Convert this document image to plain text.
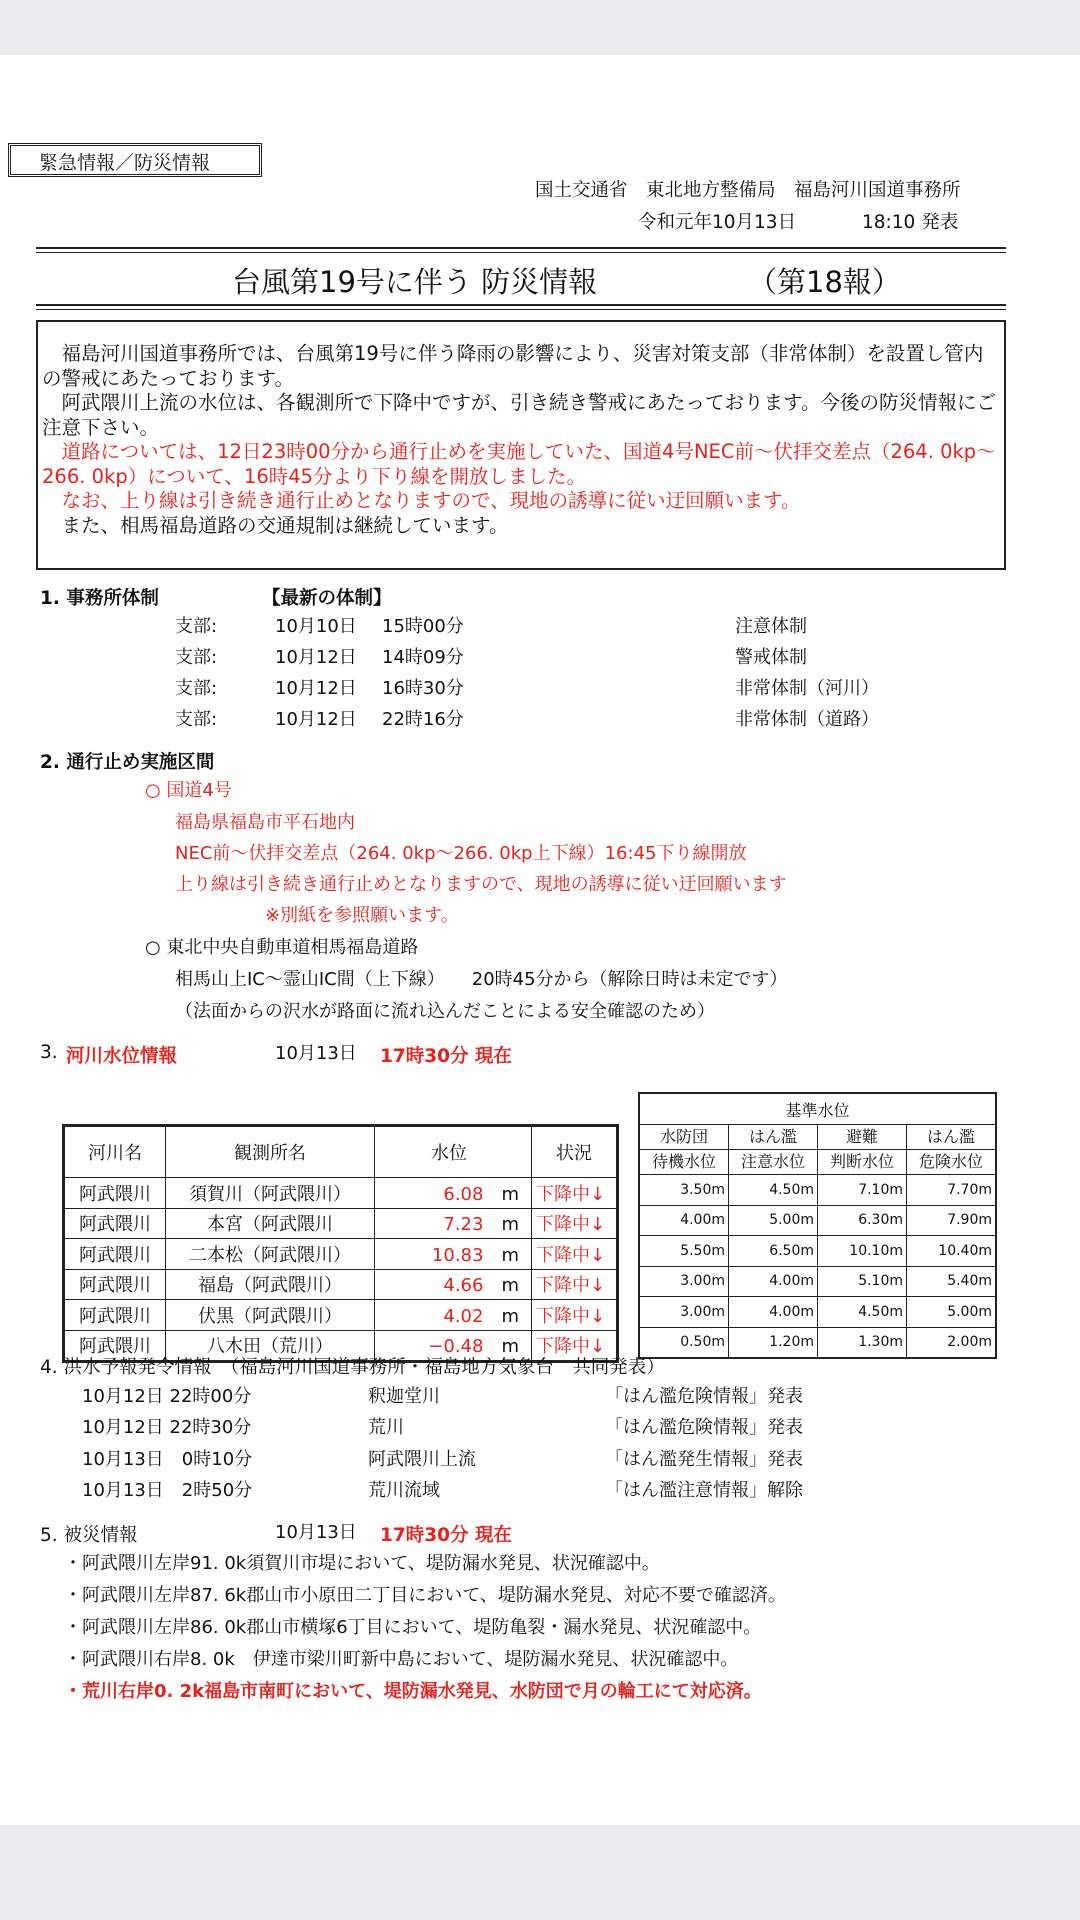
緊急情報／防災情報
国土交通省　東北地方整備局　福島河川国道事務所
令和元年10月13日	18:10 発表
台風第19号に伴う 防災情報	（第18報）

　福島河川国道事務所では、台風第19号に伴う降雨の影響により、災害対策支部（非常体制）を設置し管内の警戒にあたっております。

　阿武隈川上流の水位は、各観測所で下降中ですが、引き続き警戒にあたっております。今後の防災情報にご注意下さい。

　道路については、12日23時00分から通行止めを実施していた、国道4号NEC前～伏拝交差点（264. 0kp～266. 0kp）について、16時45分より下り線を開放しました。

　なお、上り線は引き続き通行止めとなりますので、現地の誘導に従い迂回願います。

　また、相馬福島道路の交通規制は継続しています。

1. 事務所体制	【最新の体制】
支部:	10月10日 15時00分	注意体制
支部:	10月12日 14時09分	警戒体制
支部:	10月12日 16時30分	非常体制（河川）
支部:	10月12日 22時16分	非常体制（道路）
2. 通行止め実施区間
○ 国道4号
福島県福島市平石地内
NEC前～伏拝交差点（264. 0kp～266. 0kp上下線）16:45下り線開放
上り線は引き続き通行止めとなりますので、現地の誘導に従い迂回願います
※別紙を参照願います。
○ 東北中央自動車道相馬福島道路
相馬山上IC～霊山IC間（上下線）　　20時45分から（解除日時は未定です）
（法面からの沢水が路面に流れ込んだことによる安全確認のため）
3. 河川水位情報	10月13日 17時30分 現在
河川名	観測所名	水位	状況
阿武隈川	須賀川（阿武隈川）	6.08　 m	下降中↓
阿武隈川	本宮（阿武隈川	7.23　 m	下降中↓
阿武隈川	二本松（阿武隈川）	10.83　 m	下降中↓
阿武隈川	福島（阿武隈川）	4.66　 m	下降中↓
阿武隈川	伏黒（阿武隈川）	4.02　 m	下降中↓
阿武隈川	八木田（荒川）	−0.48　 m	下降中↓
基準水位			
水防団	はん濫	避難	はん濫
待機水位	注意水位	判断水位	危険水位
3.50m	4.50m	7.10m	7.70m
4.00m	5.00m	6.30m	7.90m
5.50m	6.50m	10.10m	10.40m
3.00m	4.00m	5.10m	5.40m
3.00m	4.00m	4.50m	5.00m
0.50m	1.20m	1.30m	2.00m
4. 洪水予報発令情報　（福島河川国道事務所・福島地方気象台　共同発表）
10月12日 22時00分	釈迦堂川	「はん濫危険情報」発表
10月12日 22時30分	荒川	「はん濫危険情報」発表
10月13日　0時10分	阿武隈川上流	「はん濫発生情報」発表
10月13日　2時50分	荒川流域	「はん濫注意情報」解除
5. 被災情報	10月13日 17時30分 現在
・阿武隈川左岸91. 0k須賀川市堤において、堤防漏水発見、状況確認中。
・阿武隈川左岸87. 6k郡山市小原田二丁目において、堤防漏水発見、対応不要で確認済。
・阿武隈川左岸86. 0k郡山市横塚6丁目において、堤防亀裂・漏水発見、状況確認中。
・阿武隈川右岸8. 0k　伊達市梁川町新中島において、堤防漏水発見、状況確認中。
・荒川右岸0. 2k福島市南町において、堤防漏水発見、水防団で月の輪工にて対応済。
